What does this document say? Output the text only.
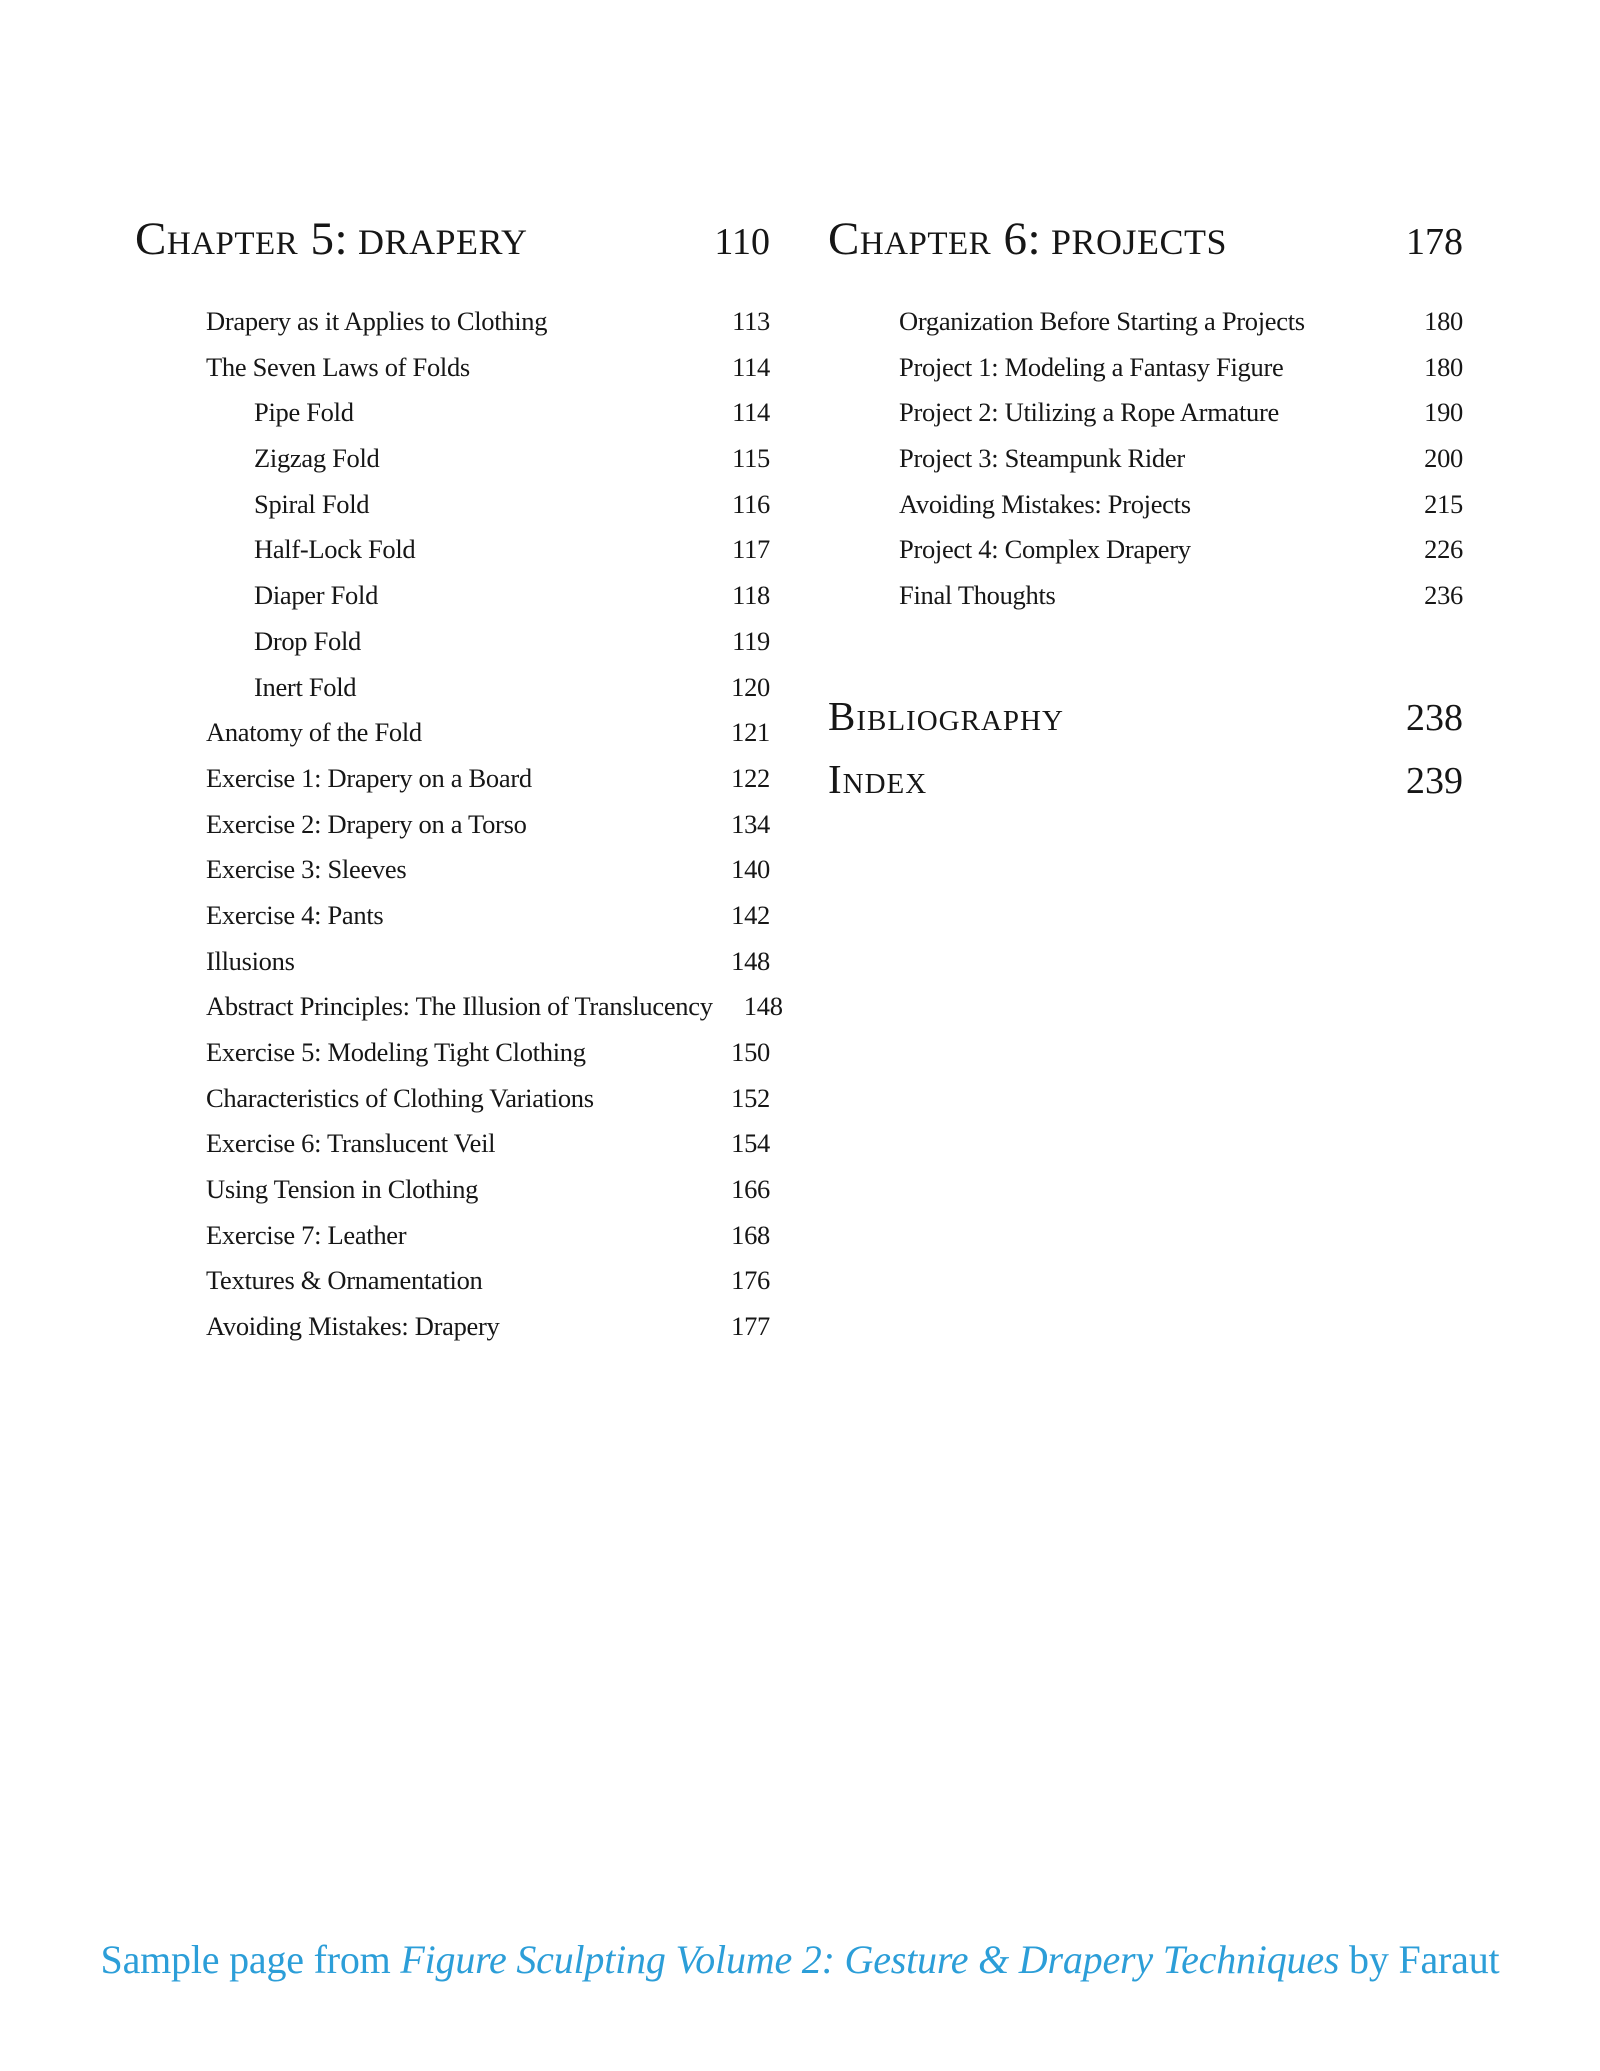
Chapter 5: DRAPERY	110
Drapery as it Applies to Clothing	113
The Seven Laws of Folds	114
Pipe Fold	114
Zigzag Fold	115
Spiral Fold	116
Half-Lock Fold	117
Diaper Fold	118
Drop Fold	119
Inert Fold	120
Anatomy of the Fold	121
Exercise 1: Drapery on a Board	122
Exercise 2: Drapery on a Torso	134
Exercise 3: Sleeves	140
Exercise 4: Pants	142
Illusions	148
Abstract Principles: The Illusion of Translucency	148
Exercise 5: Modeling Tight Clothing	150
Characteristics of Clothing Variations	152
Exercise 6: Translucent Veil	154
Using Tension in Clothing	166
Exercise 7: Leather	168
Textures & Ornamentation	176
Avoiding Mistakes: Drapery	177
Chapter 6: PROJECTS	178
Organization Before Starting a Projects	180
Project 1: Modeling a Fantasy Figure	180
Project 2: Utilizing a Rope Armature	190
Project 3: Steampunk Rider	200
Avoiding Mistakes: Projects	215
Project 4: Complex Drapery	226
Final Thoughts	236
Bibliography	238
Index	239
Sample page from Figure Sculpting Volume 2: Gesture & Drapery Techniques by Faraut
